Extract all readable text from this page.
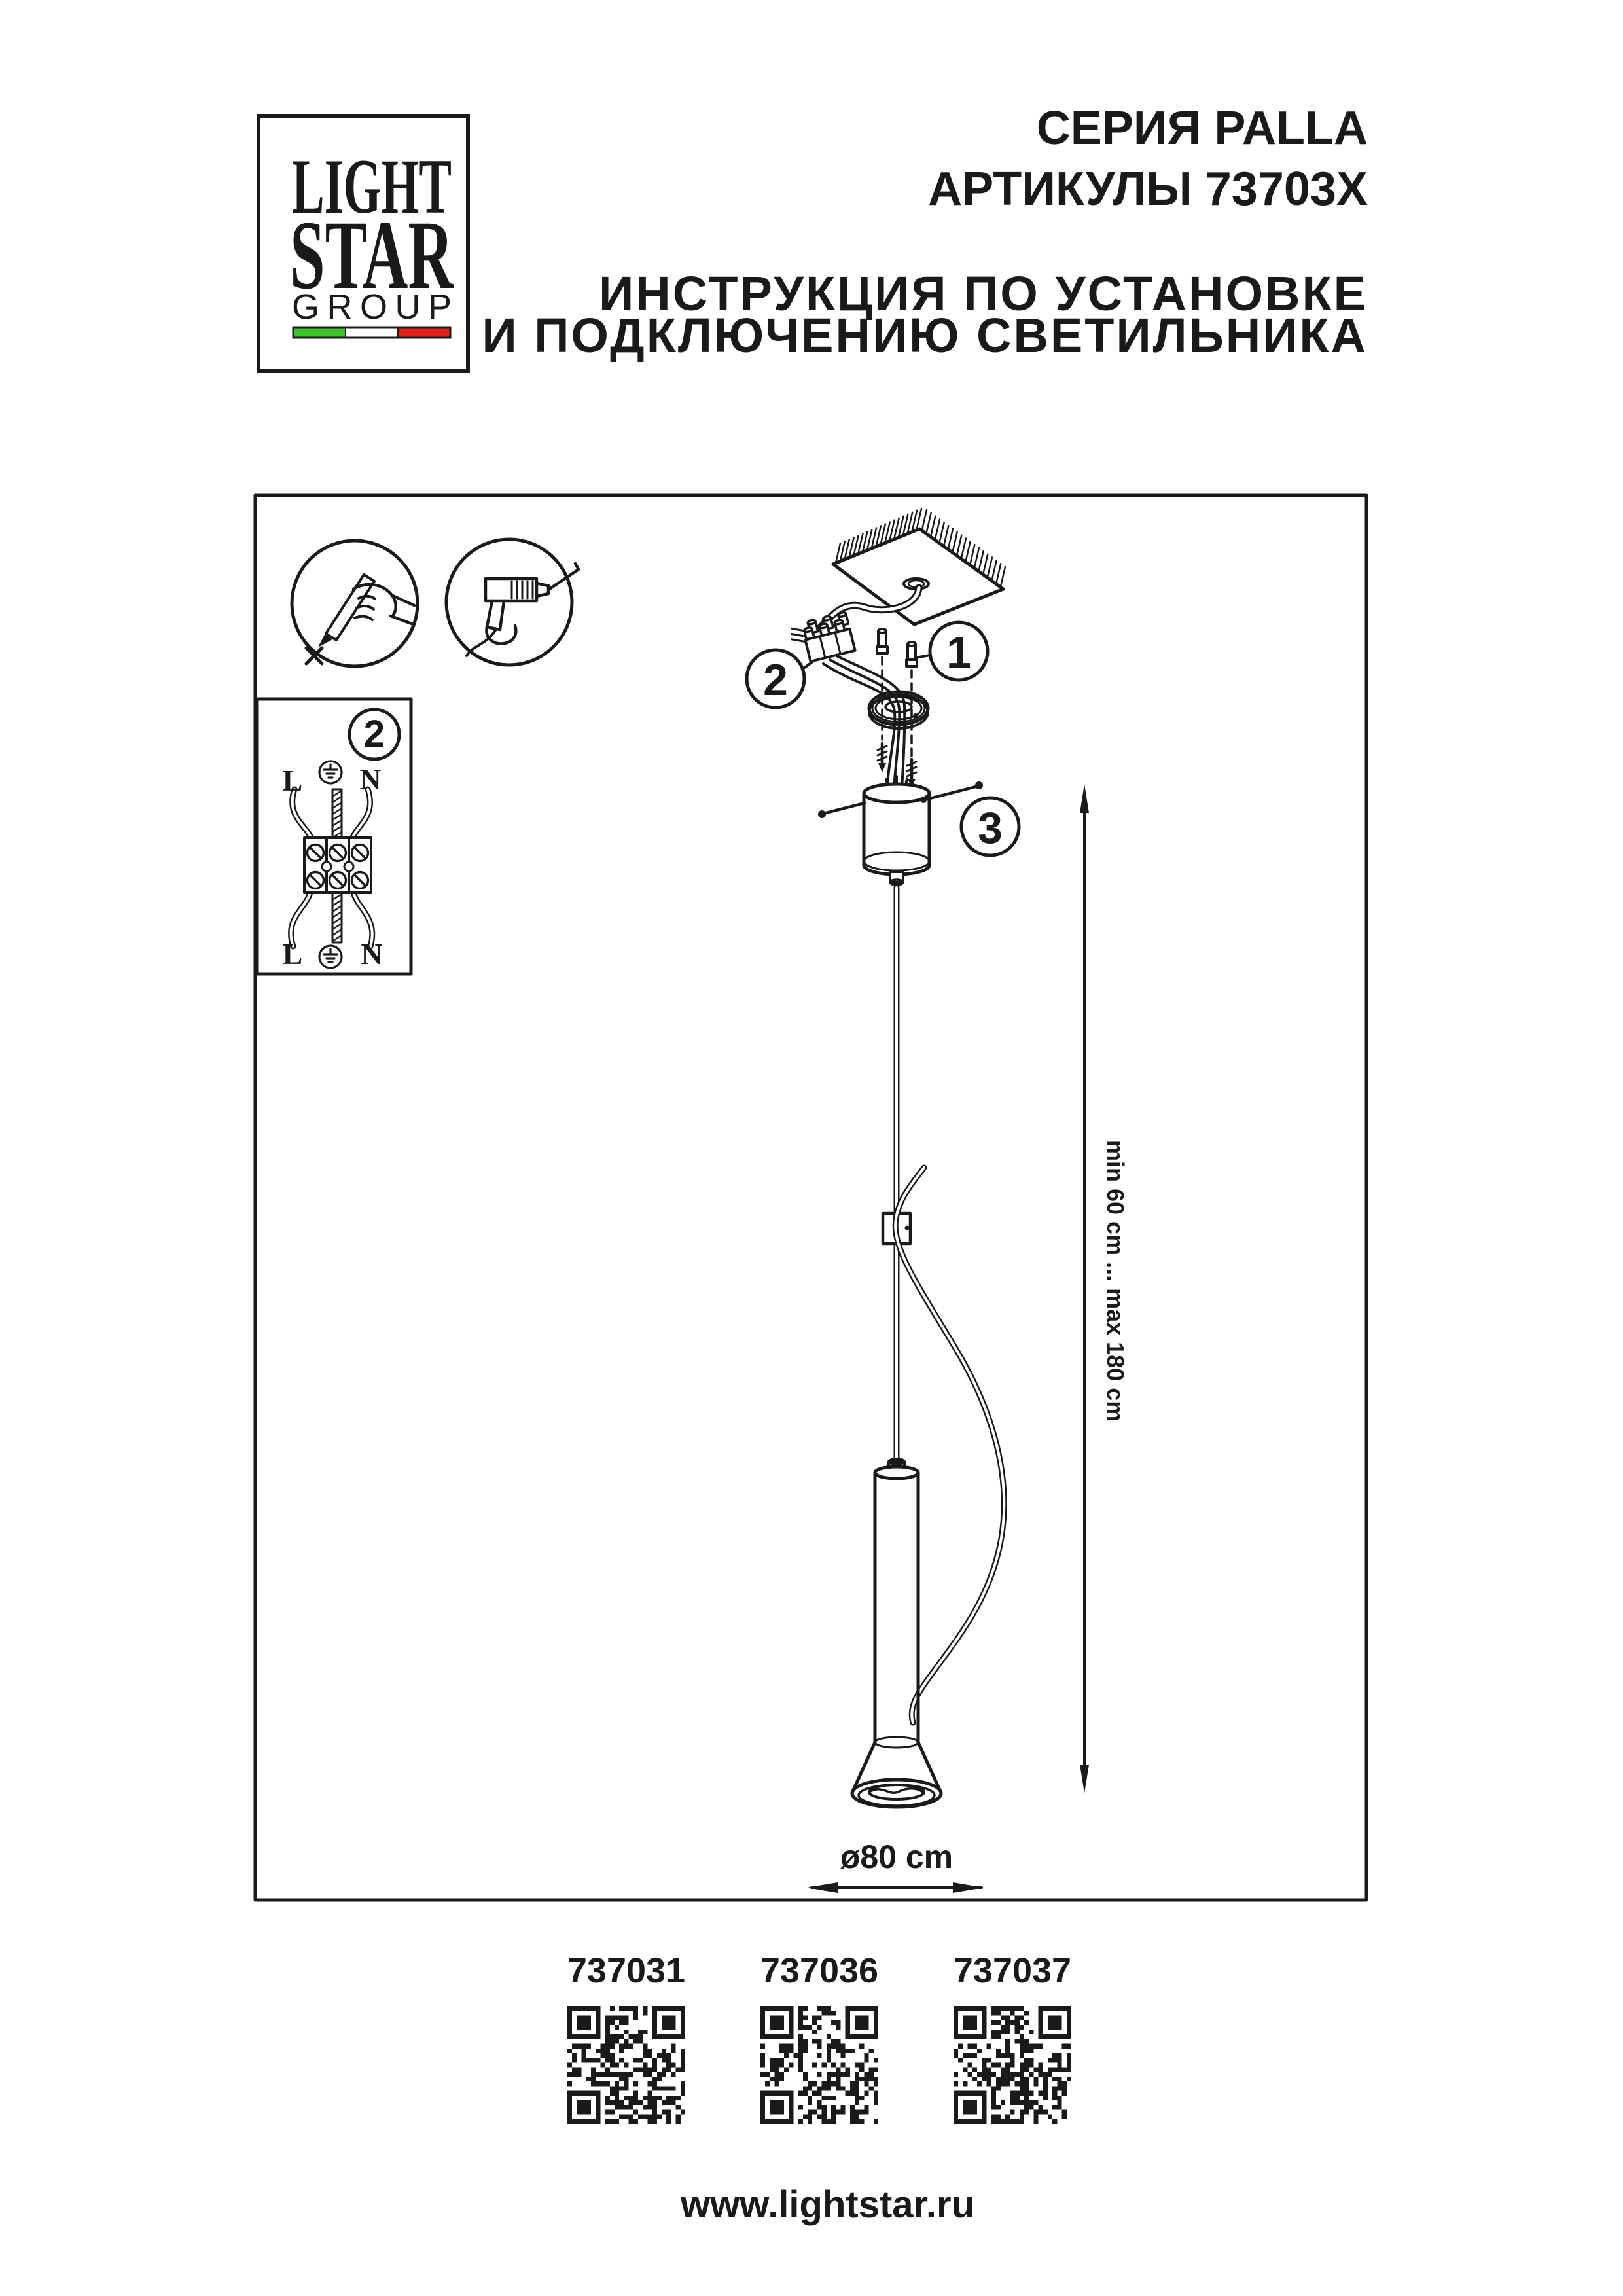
LIGHT
STAR
GROUP
СЕРИЯ PALLA
АРТИКУЛЫ 73703X
ИНСТРУКЦИЯ ПО УСТАНОВКЕ
И ПОДКЛЮЧЕНИЮ СВЕТИЛЬНИКА
2
L N
L N
1
2
3
min 60 cm ... max 180 cm
ø80 cm
737031	737036	737037
www.lightstar.ru
